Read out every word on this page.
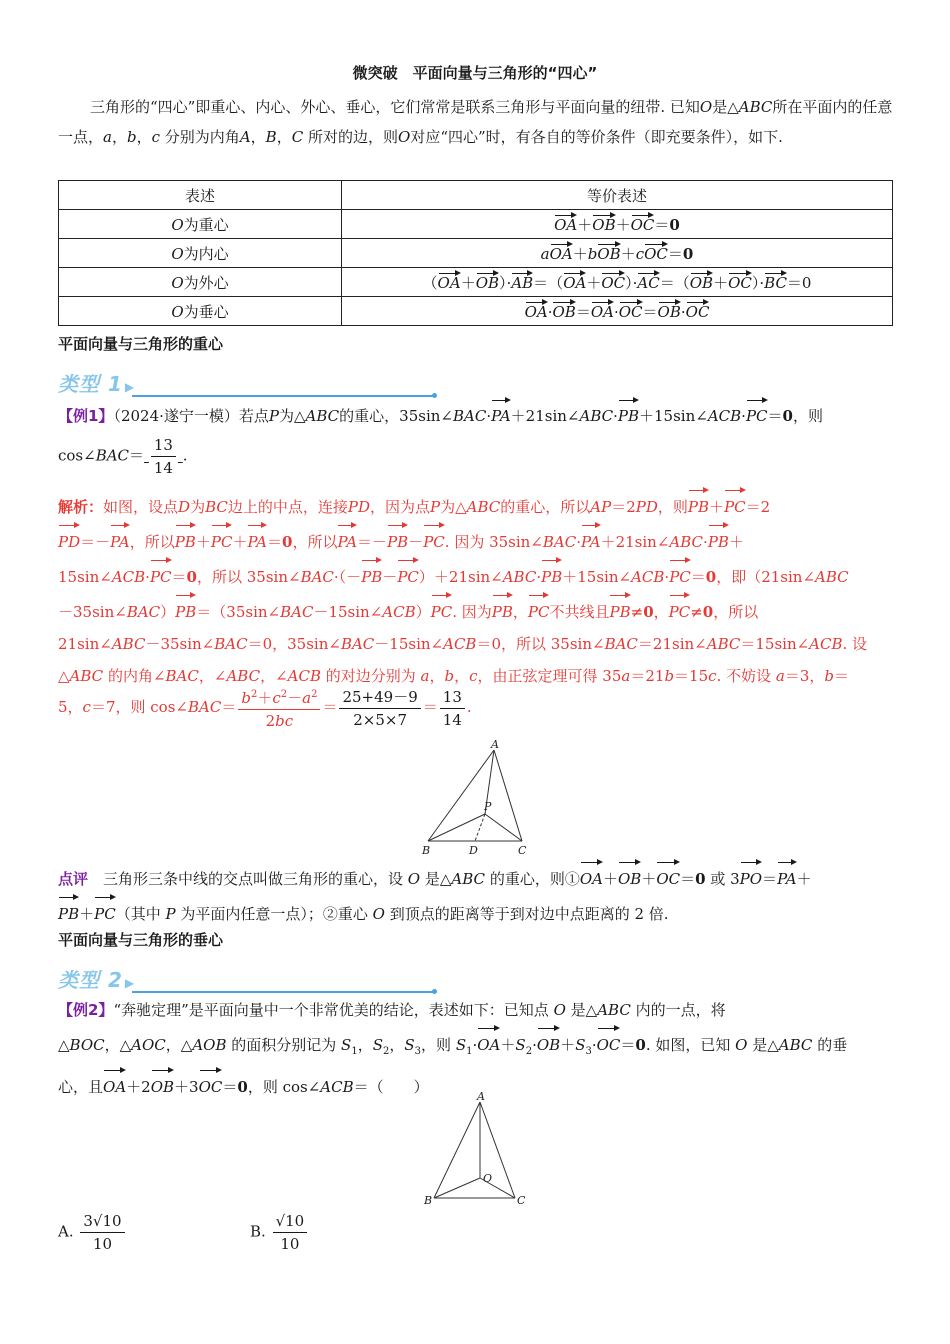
微突破　平面向量与三角形的“四心”
三角形的“四心”即重心、内心、外心、垂心，它们常常是联系三角形与平面向量的纽带. 已知O是△ABC所在平面内的任意一点，a，b，c 分别为内角A，B，C 所对的边，则O对应“四心”时，有各自的等价条件（即充要条件），如下.
表述	等价表述
O为重心	OA＋OB＋OC＝0
O为内心	aOA＋bOB＋cOC＝0
O为外心	（OA＋OB）·AB＝（OA＋OC）·AC＝（OB＋OC）·BC＝0
O为垂心	OA·OB＝OA·OC＝OB·OC
平面向量与三角形的重心
类型 1 ▶
【例1】（2024·遂宁一模）若点P为△ABC的重心，35sin∠BAC·PA＋21sin∠ABC·PB＋15sin∠ACB·PC＝0，则
cos∠BAC＝ $\frac{13}{14}$ .
解析：如图，设点D为BC边上的中点，连接PD，因为点P为△ABC的重心，所以AP＝2PD，则PB＋PC＝2
PD＝－PA，所以PB＋PC＋PA＝0，所以PA＝－PB－PC. 因为 35sin∠BAC·PA＋21sin∠ABC·PB＋
15sin∠ACB·PC＝0，所以 35sin∠BAC·（－PB－PC）＋21sin∠ABC·PB＋15sin∠ACB·PC＝0，即（21sin∠ABC
－35sin∠BAC）PB＝（35sin∠BAC－15sin∠ACB）PC. 因为PB，PC不共线且PB≠0，PC≠0，所以
21sin∠ABC－35sin∠BAC＝0，35sin∠BAC－15sin∠ACB＝0，所以 35sin∠BAC＝21sin∠ABC＝15sin∠ACB. 设
△ABC 的内角∠BAC，∠ABC，∠ACB 的对边分别为 a，b，c，由正弦定理可得 35a＝21b＝15c. 不妨设 a＝3，b＝
5，c＝7，则 cos∠BAC＝ $\frac{b^2+c^2-a^2}{2bc} = \frac{25+49-9}{2\times 5\times 7} = \frac{13}{14}$ .
A
B	C
D
P
点评　三角形三条中线的交点叫做三角形的重心，设 O 是△ABC 的重心，则①OA＋OB＋OC＝0 或 3PO＝PA＋
PB＋PC（其中 P 为平面内任意一点）；②重心 O 到顶点的距离等于到对边中点距离的 2 倍.
平面向量与三角形的垂心
类型 2 ▶
【例2】“奔驰定理”是平面向量中一个非常优美的结论，表述如下：已知点 O 是△ABC 内的一点，将
△BOC，△AOC，△AOB 的面积分别记为 $S_1$，$S_2$，$S_3$，则 $S_1\cdot OA+S_2\cdot OB+S_3\cdot OC=0$. 如图，已知 O 是△ABC 的垂
心，且OA＋2OB＋3OC＝0，则 cos∠ACB＝（　　）
A
B	C
O
A. $\frac{3√10}{10}$	B. $\frac{√10}{10}$
